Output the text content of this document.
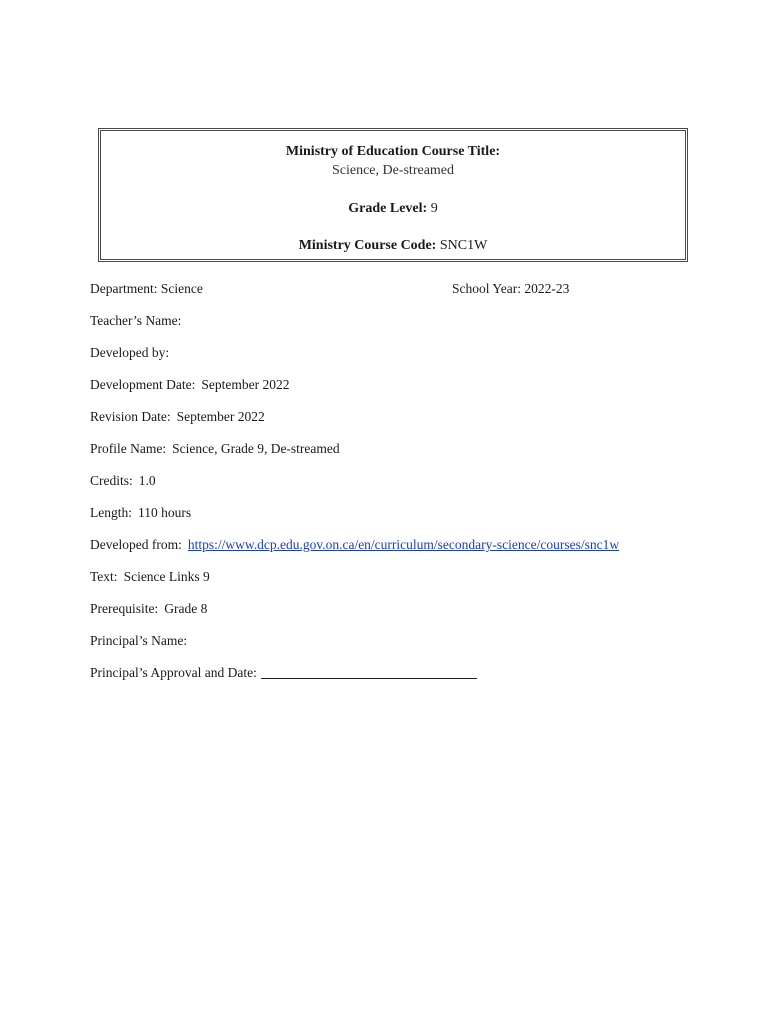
Ministry of Education Course Title:
Science, De-streamed
Grade Level: 9
Ministry Course Code: SNC1W
Department: Science
Teacher’s Name:
Developed by:
Development Date: September 2022
Revision Date: September 2022
Profile Name: Science, Grade 9, De-streamed
Credits: 1.0
Length: 110 hours
Developed from: https://www.dcp.edu.gov.on.ca/en/curriculum/secondary-science/courses/snc1w
Text: Science Links 9
Prerequisite: Grade 8
Principal’s Name:
Principal’s Approval and Date:
School Year: 2022-23
